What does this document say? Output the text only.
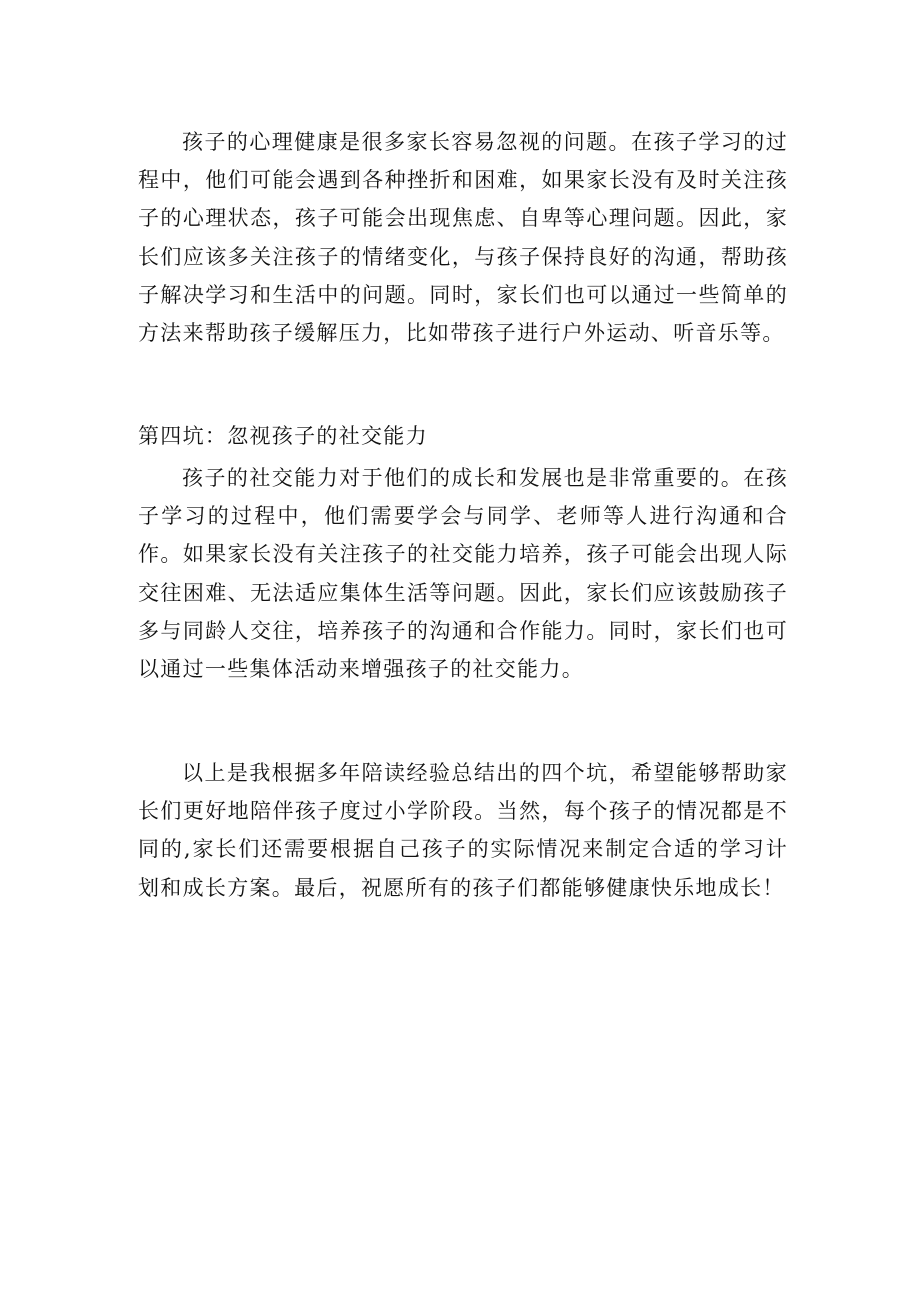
孩子的心理健康是很多家长容易忽视的问题。在孩子学习的过程中，他们可能会遇到各种挫折和困难，如果家长没有及时关注孩子的心理状态，孩子可能会出现焦虑、自卑等心理问题。因此，家长们应该多关注孩子的情绪变化，与孩子保持良好的沟通，帮助孩子解决学习和生活中的问题。同时，家长们也可以通过一些简单的方法来帮助孩子缓解压力，比如带孩子进行户外运动、听音乐等。

第四坑：忽视孩子的社交能力

孩子的社交能力对于他们的成长和发展也是非常重要的。在孩子学习的过程中，他们需要学会与同学、老师等人进行沟通和合作。如果家长没有关注孩子的社交能力培养，孩子可能会出现人际交往困难、无法适应集体生活等问题。因此，家长们应该鼓励孩子多与同龄人交往，培养孩子的沟通和合作能力。同时，家长们也可以通过一些集体活动来增强孩子的社交能力。

以上是我根据多年陪读经验总结出的四个坑，希望能够帮助家长们更好地陪伴孩子度过小学阶段。当然，每个孩子的情况都是不同的,家长们还需要根据自己孩子的实际情况来制定合适的学习计划和成长方案。最后，祝愿所有的孩子们都能够健康快乐地成长！
